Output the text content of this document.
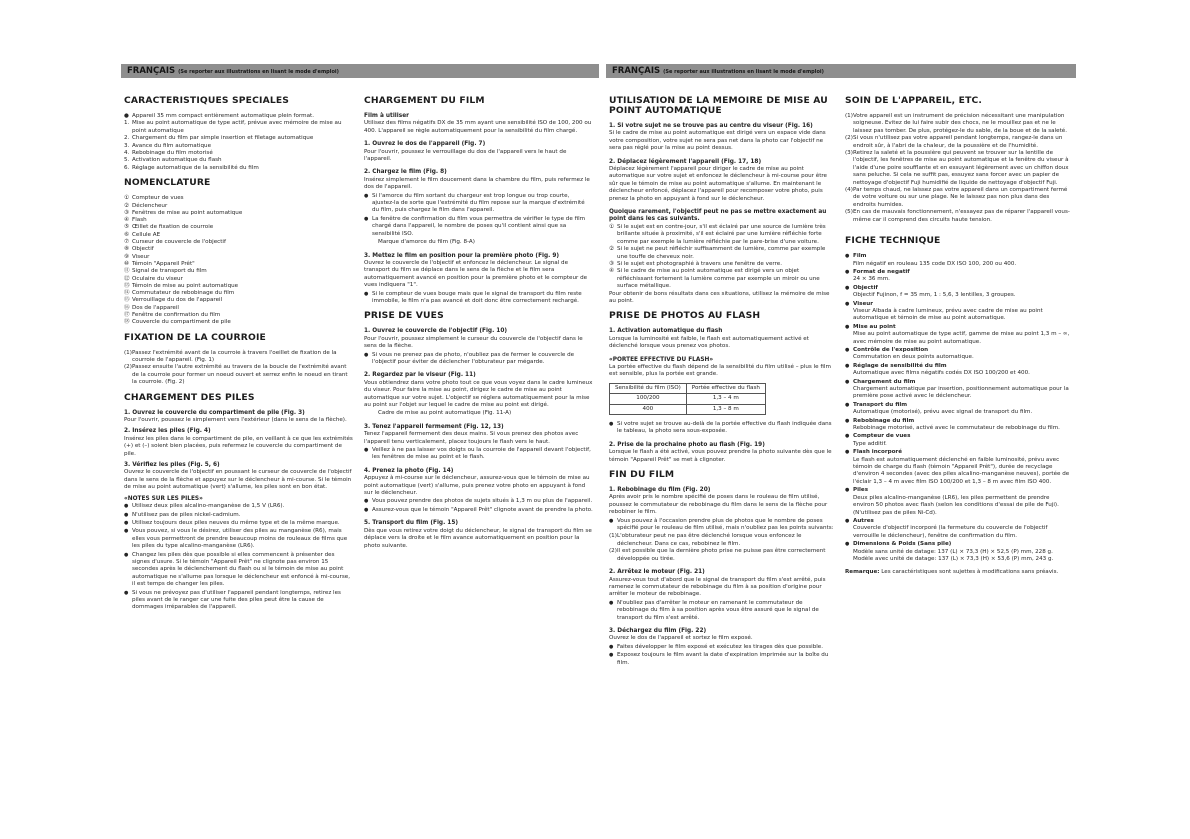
FRANÇAIS (Se reporter aux illustrations en lisant le mode d'emploi)
CARACTERISTIQUES SPECIALES
● Appareil 35 mm compact entièrement automatique plein format.
1. Mise au point automatique de type actif, prévue avec mémoire de mise au point automatique
2. Chargement du film par simple insertion et filetage automatique
3. Avance du film automatique
4. Rebobinage du film motorisé
5. Activation automatique du flash
6. Réglage automatique de la sensibilité du film
NOMENCLATURE
① Compteur de vues
② Déclencheur
③ Fenêtres de mise au point automatique
④ Flash
⑤ Œillet de fixation de courroie
⑥ Cellule AE
⑦ Curseur de couvercle de l'objectif
⑧ Objectif
⑨ Viseur
⑩ Témoin "Appareil Prêt"
⑪ Signal de transport du film
⑫ Oculaire du viseur
⑬ Témoin de mise au point automatique
⑭ Commutateur de rebobinage du film
⑮ Verrouillage du dos de l'appareil
⑯ Dos de l'appareil
⑰ Fenêtre de confirmation du film
⑱ Couvercle du compartiment de pile
FIXATION DE LA COURROIE
(1) Passez l'extrémité avant de la courroie à travers l'oeillet de fixation de la courroie de l'appareil. (Fig. 1)
(2) Passez ensuite l'autre extrémité au travers de la boucle de l'extrémité avant de la courroie pour former un noeud ouvert et serrez enfin le noeud en tirant la courroie. (Fig. 2)
CHARGEMENT DES PILES
1. Ouvrez le couvercle du compartiment de pile (Fig. 3)

Pour l'ouvrir, poussez le simplement vers l'extérieur (dans le sens de la flèche).

2. Insérez les piles (Fig. 4)

Insérez les piles dans le compartiment de pile, en veillant à ce que les extrémités (+) et (–) soient bien placées, puis refermez le couvercle du compartiment de pile.

3. Vérifiez les piles (Fig. 5, 6)

Ouvrez le couvercle de l'objectif en poussant le curseur de couvercle de l'objectif dans le sens de la flèche et appuyez sur le déclencheur à mi-course. Si le témoin de mise au point automatique (vert) s'allume, les piles sont en bon état.

«NOTES SUR LES PILES»
● Utilisez deux piles alcalino-manganèse de 1,5 V (LR6).
● N'utilisez pas de piles nickel-cadmium.
● Utilisez toujours deux piles neuves du même type et de la même marque.
● Vous pouvez, si vous le désirez, utiliser des piles au manganèse (R6), mais elles vous permettront de prendre beaucoup moins de rouleaux de films que les piles du type alcalino-manganèse (LR6).
● Changez les piles dès que possible si elles commencent à présenter des signes d'usure. Si le témoin "Appareil Prêt" ne clignote pas environ 15 secondes après le déclenchement du flash ou si le témoin de mise au point automatique ne s'allume pas lorsque le déclencheur est enfoncé à mi-course, il est temps de changer les piles.
● Si vous ne prévoyez pas d'utiliser l'appareil pendant longtemps, retirez les piles avant de le ranger car une fuite des piles peut être la cause de dommages irréparables de l'appareil.
CHARGEMENT DU FILM
Film à utiliser

Utilisez des films négatifs DX de 35 mm ayant une sensibilité ISO de 100, 200 ou 400. L'appareil se règle automatiquement pour la sensibilité du film chargé.

1. Ouvrez le dos de l'appareil (Fig. 7)

Pour l'ouvrir, poussez le verrouillage du dos de l'appareil vers le haut de l'appareil.

2. Chargez le film (Fig. 8)

Insérez simplement le film doucement dans la chambre du film, puis refermez le dos de l'appareil.

● Si l'amorce du film sortant du chargeur est trop longue ou trop courte, ajustez-la de sorte que l'extrémité du film repose sur la marque d'extrémité du film, puis chargez le film dans l'appareil.
● La fenêtre de confirmation du film vous permettra de vérifier le type de film chargé dans l'appareil, le nombre de poses qu'il contient ainsi que sa sensibilité ISO.

Marque d'amorce du film (Fig. 8-A)

3. Mettez le film en position pour la première photo (Fig. 9)

Ouvrez le couvercle de l'objectif et enfoncez le déclencheur. Le signal de transport du film se déplace dans le sens de la flèche et le film sera automatiquement avancé en position pour la première photo et le compteur de vues indiquera "1".

● Si le compteur de vues bouge mais que le signal de transport du film reste immobile, le film n'a pas avancé et doit donc être correctement rechargé.
PRISE DE VUES
1. Ouvrez le couvercle de l'objectif (Fig. 10)

Pour l'ouvrir, poussez simplement le curseur du couvercle de l'objectif dans le sens de la flèche.

● Si vous ne prenez pas de photo, n'oubliez pas de fermer le couvercle de l'objectif pour éviter de déclencher l'obturateur par mégarde.
2. Regardez par le viseur (Fig. 11)

Vous obtiendrez dans votre photo tout ce que vous voyez dans le cadre lumineux du viseur. Pour faire la mise au point, dirigez le cadre de mise au point automatique sur votre sujet. L'objectif se réglera automatiquement pour la mise au point sur l'objet sur lequel le cadre de mise au point est dirigé.

Cadre de mise au point automatique (Fig. 11-A)

3. Tenez l'appareil fermement (Fig. 12, 13)

Tenez l'appareil fermement des deux mains. Si vous prenez des photos avec l'appareil tenu verticalement, placez toujours le flash vers le haut.

● Veillez à ne pas laisser vos doigts ou la courroie de l'appareil devant l'objectif, les fenêtres de mise au point et le flash.
4. Prenez la photo (Fig. 14)

Appuyez à mi-course sur le déclencheur, assurez-vous que le témoin de mise au point automatique (vert) s'allume, puis prenez votre photo en appuyant à fond sur le déclencheur.

● Vous pouvez prendre des photos de sujets situés à 1,3 m ou plus de l'appareil.
● Assurez-vous que le témoin "Appareil Prêt" clignote avant de prendre la photo.
5. Transport du film (Fig. 15)

Dès que vous retirez votre doigt du déclencheur, le signal de transport du film se déplace vers la droite et le film avance automatiquement en position pour la photo suivante.

FRANÇAIS (Se reporter aux illustrations en lisant le mode d'emploi)
UTILISATION DE LA MEMOIRE DE MISE AU POINT AUTOMATIQUE
1. Si votre sujet ne se trouve pas au centre du viseur (Fig. 16)

Si le cadre de mise au point automatique est dirigé vers un espace vide dans votre composition, votre sujet ne sera pas net dans la photo car l'objectif ne sera pas réglé pour la mise au point dessus.

2. Déplacez légèrement l'appareil (Fig. 17, 18)

Déplacez légèrement l'appareil pour diriger le cadre de mise au point automatique sur votre sujet et enfoncez le déclencheur à mi-course pour être sûr que le témoin de mise au point automatique s'allume. En maintenant le déclencheur enfoncé, déplacez l'appareil pour recomposer votre photo, puis prenez la photo en appuyant à fond sur le déclencheur.

Quoique rarement, l'objectif peut ne pas se mettre exactement au point dans les cas suivants.
① Si le sujet est en contre-jour, s'il est éclairé par une source de lumière très brillante située à proximité, s'il est éclairé par une lumière réfléchie forte comme par exemple la lumière réfléchie par le pare-brise d'une voiture.
② Si le sujet ne peut réfléchir suffisamment de lumière, comme par exemple une touffe de cheveux noir.
③ Si le sujet est photographié à travers une fenêtre de verre.
④ Si le cadre de mise au point automatique est dirigé vers un objet réfléchissant fortement la lumière comme par exemple un miroir ou une surface métallique.

Pour obtenir de bons résultats dans ces situations, utilisez la mémoire de mise au point.

PRISE DE PHOTOS AU FLASH
1. Activation automatique du flash

Lorsque la luminosité est faible, le flash est automatiquement activé et déclenché lorsque vous prenez vos photos.

«PORTEE EFFECTIVE DU FLASH»

La portée effective du flash dépend de la sensibilité du film utilisé – plus le film est sensible, plus la portée est grande.

Sensibilité du film (ISO)	Portée effective du flash
100/200	1,3 – 4 m
400	1,3 – 8 m
● Si votre sujet se trouve au-delà de la portée effective du flash indiquée dans le tableau, la photo sera sous-exposée.
2. Prise de la prochaine photo au flash (Fig. 19)

Lorsque le flash a été activé, vous pouvez prendre la photo suivante dès que le témoin "Appareil Prêt" se met à clignoter.

FIN DU FILM
1. Rebobinage du film (Fig. 20)

Après avoir pris le nombre spécifié de poses dans le rouleau de film utilisé, poussez le commutateur de rebobinage du film dans le sens de la flèche pour rebobiner le film.

● Vous pouvez à l'occasion prendre plus de photos que le nombre de poses spécifié pour le rouleau de film utilisé, mais n'oubliez pas les points suivants:
(1) L'obturateur peut ne pas être déclenché lorsque vous enfoncez le déclencheur. Dans ce cas, rebobinez le film.
(2) Il est possible que la dernière photo prise ne puisse pas être correctement développée ou tirée.
2. Arrêtez le moteur (Fig. 21)

Assurez-vous tout d'abord que le signal de transport du film s'est arrêté, puis ramenez le commutateur de rebobinage du film à sa position d'origine pour arrêter le moteur de rebobinage.

● N'oubliez pas d'arrêter le moteur en ramenant le commutateur de rebobinage du film à sa position après vous être assuré que le signal de transport du film s'est arrêté.
3. Déchargez du film (Fig. 22)

Ouvrez le dos de l'appareil et sortez le film exposé.

● Faites développer le film exposé et exécutez les tirages dès que possible.
● Exposez toujours le film avant la date d'expiration imprimée sur la boîte du film.
SOIN DE L'APPAREIL, ETC.
(1) Votre appareil est un instrument de précision nécessitant une manipulation soigneuse. Evitez de lui faire subir des chocs, ne le mouillez pas et ne le laissez pas tomber. De plus, protégez-le du sable, de la boue et de la saleté.
(2) Si vous n'utilisez pas votre appareil pendant longtemps, rangez-le dans un endroit sûr, à l'abri de la chaleur, de la poussière et de l'humidité.
(3) Retirez la saleté et la poussière qui peuvent se trouver sur la lentille de l'objectif, les fenêtres de mise au point automatique et la fenêtre du viseur à l'aide d'une poire soufflante et en essuyant légèrement avec un chiffon doux sans peluche. Si cela ne suffit pas, essuyez sans forcer avec un papier de nettoyage d'objectif Fuji humidifié de liquide de nettoyage d'objectif Fuji.
(4) Par temps chaud, ne laissez pas votre appareil dans un compartiment fermé de votre voiture ou sur une plage. Ne le laissez pas non plus dans des endroits humides.
(5) En cas de mauvais fonctionnement, n'essayez pas de réparer l'appareil vous-même car il comprend des circuits haute tension.
FICHE TECHNIQUE
● Film
Film négatif en rouleau 135 code DX ISO 100, 200 ou 400.
● Format de negatif
24 × 36 mm.
● Objectif
Objectif Fujinon, f = 35 mm, 1 : 5,6, 3 lentilles, 3 groupes.
● Viseur
Viseur Albada à cadre lumineux, prévu avec cadre de mise au point automatique et témoin de mise au point automatique.
● Mise au point
Mise au point automatique de type actif, gamme de mise au point 1,3 m – ∞, avec mémoire de mise au point automatique.
● Contrôle de l'exposition
Commutation en deux points automatique.
● Réglage de sensibilité du film
Automatique avec films négatifs codés DX ISO 100/200 et 400.
● Chargement du film
Chargement automatique par insertion, positionnement automatique pour la première pose activé avec le déclencheur.
● Transport du film
Automatique (motorisé), prévu avec signal de transport du film.
● Rebobinage du film
Rebobinage motorisé, activé avec le commutateur de rebobinage du film.
● Compteur de vues
Type additif.
● Flash incorporé
Le flash est automatiquement déclenché en faible luminosité, prévu avec témoin de charge du flash (témoin "Appareil Prêt"), durée de recyclage d'environ 4 secondes (avec des piles alcalino-manganèse neuves), portée de l'éclair 1,3 – 4 m avec film ISO 100/200 et 1,3 – 8 m avec film ISO 400.
● Piles
Deux piles alcalino-manganèse (LR6), les piles permettent de prendre environ 50 photos avec flash (selon les conditions d'essai de pile de Fuji). (N'utilisez pas de piles Ni-Cd).
● Autres
Couvercle d'objectif incorporé (la fermeture du couvercle de l'objectif verrouille le déclencheur), fenêtre de confirmation du film.
● Dimensions & Poids (Sans pile)
Modèle sans unité de datage: 137 (L) × 73,3 (H) × 52,5 (P) mm, 228 g. Modèle avec unité de datage: 137 (L) × 73,3 (H) × 53,6 (P) mm, 243 g.

Remarque: Les caractéristiques sont sujettes à modifications sans préavis.
